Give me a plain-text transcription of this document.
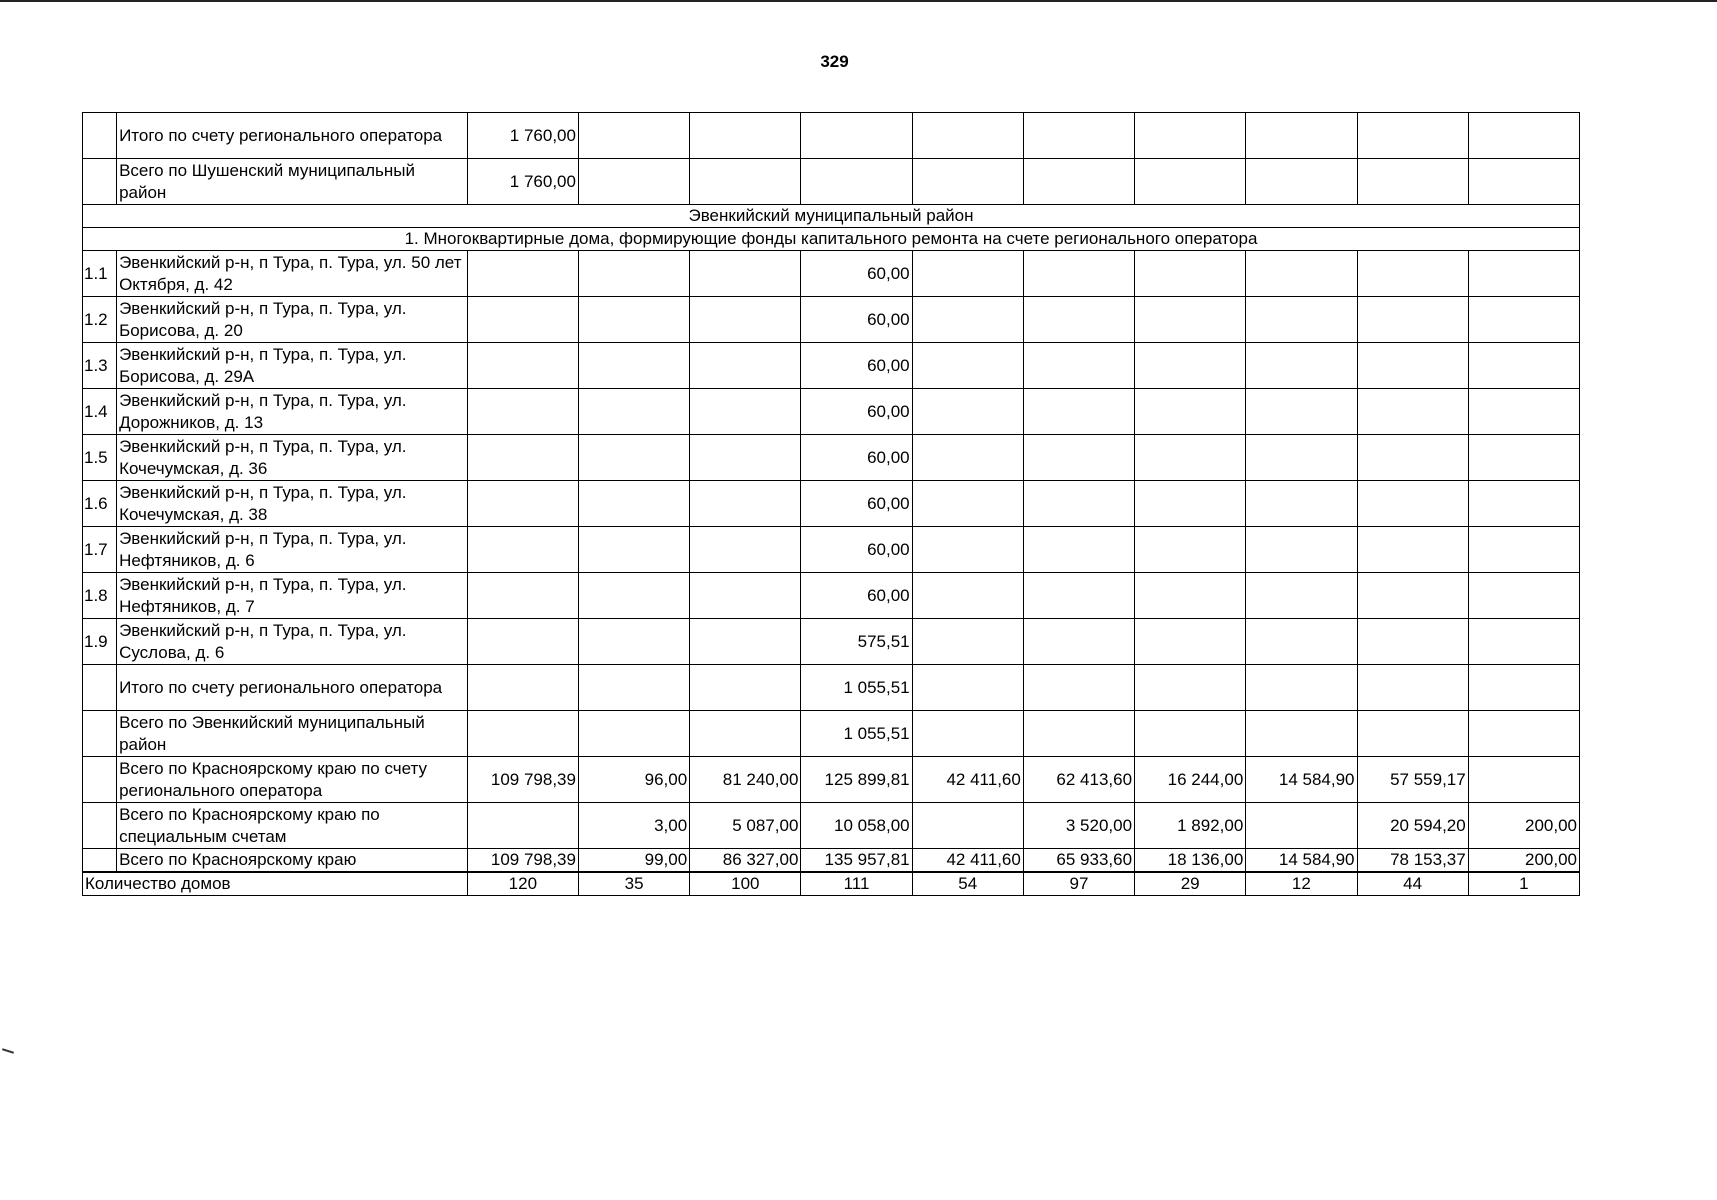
329
	Итого по счету регионального оператора	1 760,00									
	Всего по Шушенский муниципальный район	1 760,00									
Эвенкийский муниципальный район											
1. Многоквартирные дома, формирующие фонды капитального ремонта на счете регионального оператора											
1.1	Эвенкийский р-н, п Тура, п. Тура, ул. 50 лет Октября, д. 42				60,00						
1.2	Эвенкийский р-н, п Тура, п. Тура, ул. Борисова, д. 20				60,00						
1.3	Эвенкийский р-н, п Тура, п. Тура, ул. Борисова, д. 29А				60,00						
1.4	Эвенкийский р-н, п Тура, п. Тура, ул. Дорожников, д. 13				60,00						
1.5	Эвенкийский р-н, п Тура, п. Тура, ул. Кочечумская, д. 36				60,00						
1.6	Эвенкийский р-н, п Тура, п. Тура, ул. Кочечумская, д. 38				60,00						
1.7	Эвенкийский р-н, п Тура, п. Тура, ул. Нефтяников, д. 6				60,00						
1.8	Эвенкийский р-н, п Тура, п. Тура, ул. Нефтяников, д. 7				60,00						
1.9	Эвенкийский р-н, п Тура, п. Тура, ул. Суслова, д. 6				575,51						
	Итого по счету регионального оператора				1 055,51						
	Всего по Эвенкийский муниципальный район				1 055,51						
	Всего по Красноярскому краю по счету регионального оператора	109 798,39	96,00	81 240,00	125 899,81	42 411,60	62 413,60	16 244,00	14 584,90	57 559,17	
	Всего по Красноярскому краю по специальным счетам		3,00	5 087,00	10 058,00		3 520,00	1 892,00		20 594,20	200,00
	Всего по Красноярскому краю	109 798,39	99,00	86 327,00	135 957,81	42 411,60	65 933,60	18 136,00	14 584,90	78 153,37	200,00
Количество домов		120	35	100	111	54	97	29	12	44	1
